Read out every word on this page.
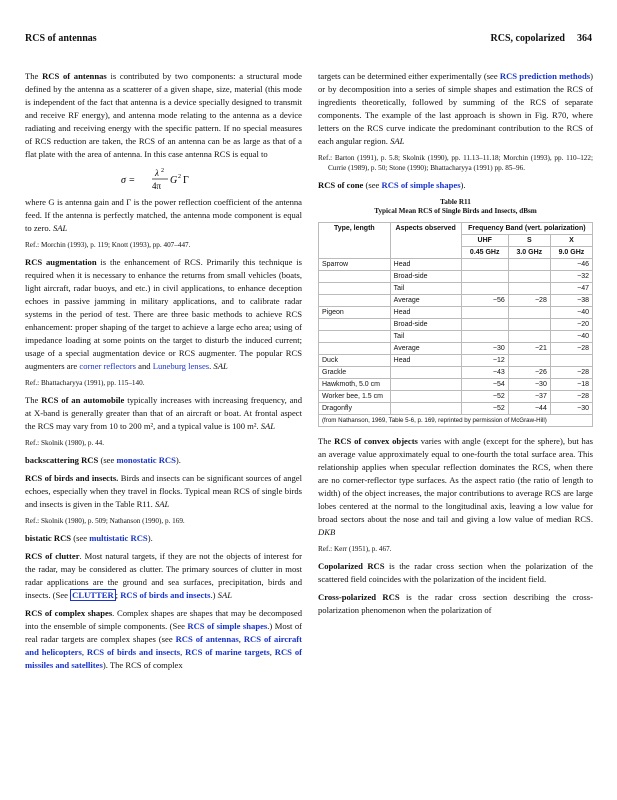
RCS of antennas	RCS, copolarized 364

The RCS of antennas is contributed by two components: a structural mode defined by the antenna as a scatterer of a given shape, size, material (this mode is independent of the fact that antenna is a device specially designed to transmit and receive RF energy), and antenna mode relating to the antenna as a device radiating and receiving energy with the specific pattern. If no special measures of RCS reduction are taken, the RCS of an antenna can be as large as that of a flat plate with the area of antenna. In this case antenna RCS is equal to

σ =
λ 2
4π G 2 Γ

where G is antenna gain and Γ is the power reflection coefficient of the antenna feed. If the antenna is perfectly matched, the antenna mode component is equal to zero. SAL

Ref.: Morchin (1993), p. 119; Knott (1993), pp. 407–447.

RCS augmentation is the enhancement of RCS. Primarily this technique is required when it is necessary to enhance the returns from small vehicles (boats, light aircraft, radar buoys, and etc.) in civil applications, to enhance deception echoes in passive jamming in military applications, and to calibrate radar systems in the period of test. There are three basic methods to achieve RCS enhancement: proper shaping of the target to achieve a large echo area; using of impedance loading at some points on the target to disturb the induced current; usage of a special augmentation device or RCS augmenter. The popular RCS augmenters are corner reflectors and Luneburg lenses. SAL

Ref.: Bhattacharyya (1991), pp. 115–140.

The RCS of an automobile typically increases with increasing frequency, and at X-band is generally greater than that of an aircraft or boat. At frontal aspect the RCS may vary from 10 to 200 m², and a typical value is 100 m². SAL

Ref.: Skolnik (1980), p. 44.

backscattering RCS (see monostatic RCS).

RCS of birds and insects. Birds and insects can be significant sources of angel echoes, especially when they travel in flocks. Typical mean RCS of single birds and insects is given in the Table R11. SAL

Ref.: Skolnik (1980), p. 509; Nathanson (1990), p. 169.

bistatic RCS (see multistatic RCS).

RCS of clutter. Most natural targets, if they are not the objects of interest for the radar, may be considered as clutter. The primary sources of clutter in most radar applications are the ground and sea surfaces, precipitation, birds and insects. (See CLUTTER ; RCS of birds and insects.) SAL

RCS of complex shapes. Complex shapes are shapes that may be decomposed into the ensemble of simple components. (See RCS of simple shapes.) Most of real radar targets are complex shapes (see RCS of antennas, RCS of aircraft and helicopters, RCS of birds and insects, RCS of marine targets, RCS of missiles and satellites). The RCS of complex

targets can be determined either experimentally (see RCS prediction methods) or by decomposition into a series of simple shapes and estimation the RCS of ingredients theoretically, followed by summing of the RCS of separate components. The example of the last approach is shown in Fig. R70, where letters on the RCS curve indicate the predominant contribution to the RCS of each angular region. SAL

Ref.: Barton (1991), p. 5.8; Skolnik (1990), pp. 11.13–11.18; Morchin (1993), pp. 110–122; Currie (1989), p. 50; Stone (1990); Bhattacharyya (1991) pp. 85–96.

RCS of cone (see RCS of simple shapes).

Table R11
Typical Mean RCS of Single Birds and Insects, dBsm
Type, length	Aspects observed	Frequency Band (vert. polarization)		
		UHF	S	X
		0.45 GHz	3.0 GHz	9.0 GHz
Sparrow	Head			−46
	Broad-side			−32
	Tail			−47
	Average	−56	−28	−38
Pigeon	Head			−40
	Broad-side			−20
	Tail			−40
	Average	−30	−21	−28
Duck	Head	−12		
Grackle		−43	−26	−28
Hawkmoth, 5.0 cm		−54	−30	−18
Worker bee, 1.5 cm		−52	−37	−28
Dragonfly		−52	−44	−30
(from Nathanson, 1969, Table 5-6, p. 169, reprinted by permission of McGraw-Hill)				

The RCS of convex objects varies with angle (except for the sphere), but has an average value approximately equal to one-fourth the total surface area. This relationship applies when specular reflection dominates the RCS, when there are no corner-reflector type surfaces. As the aspect ratio (the ratio of length to width) of the object increases, the major contributions to average RCS are large lobes centered at the normal to the longitudinal axis, leaving a low value for broad sectors about the nose and tail and giving a low value of median RCS. DKB

Ref.: Kerr (1951), p. 467.

Copolarized RCS is the radar cross section when the polarization of the scattered field coincides with the polarization of the incident field.

Cross-polarized RCS is the radar cross section describing the cross-polarization phenomenon when the polarization of
